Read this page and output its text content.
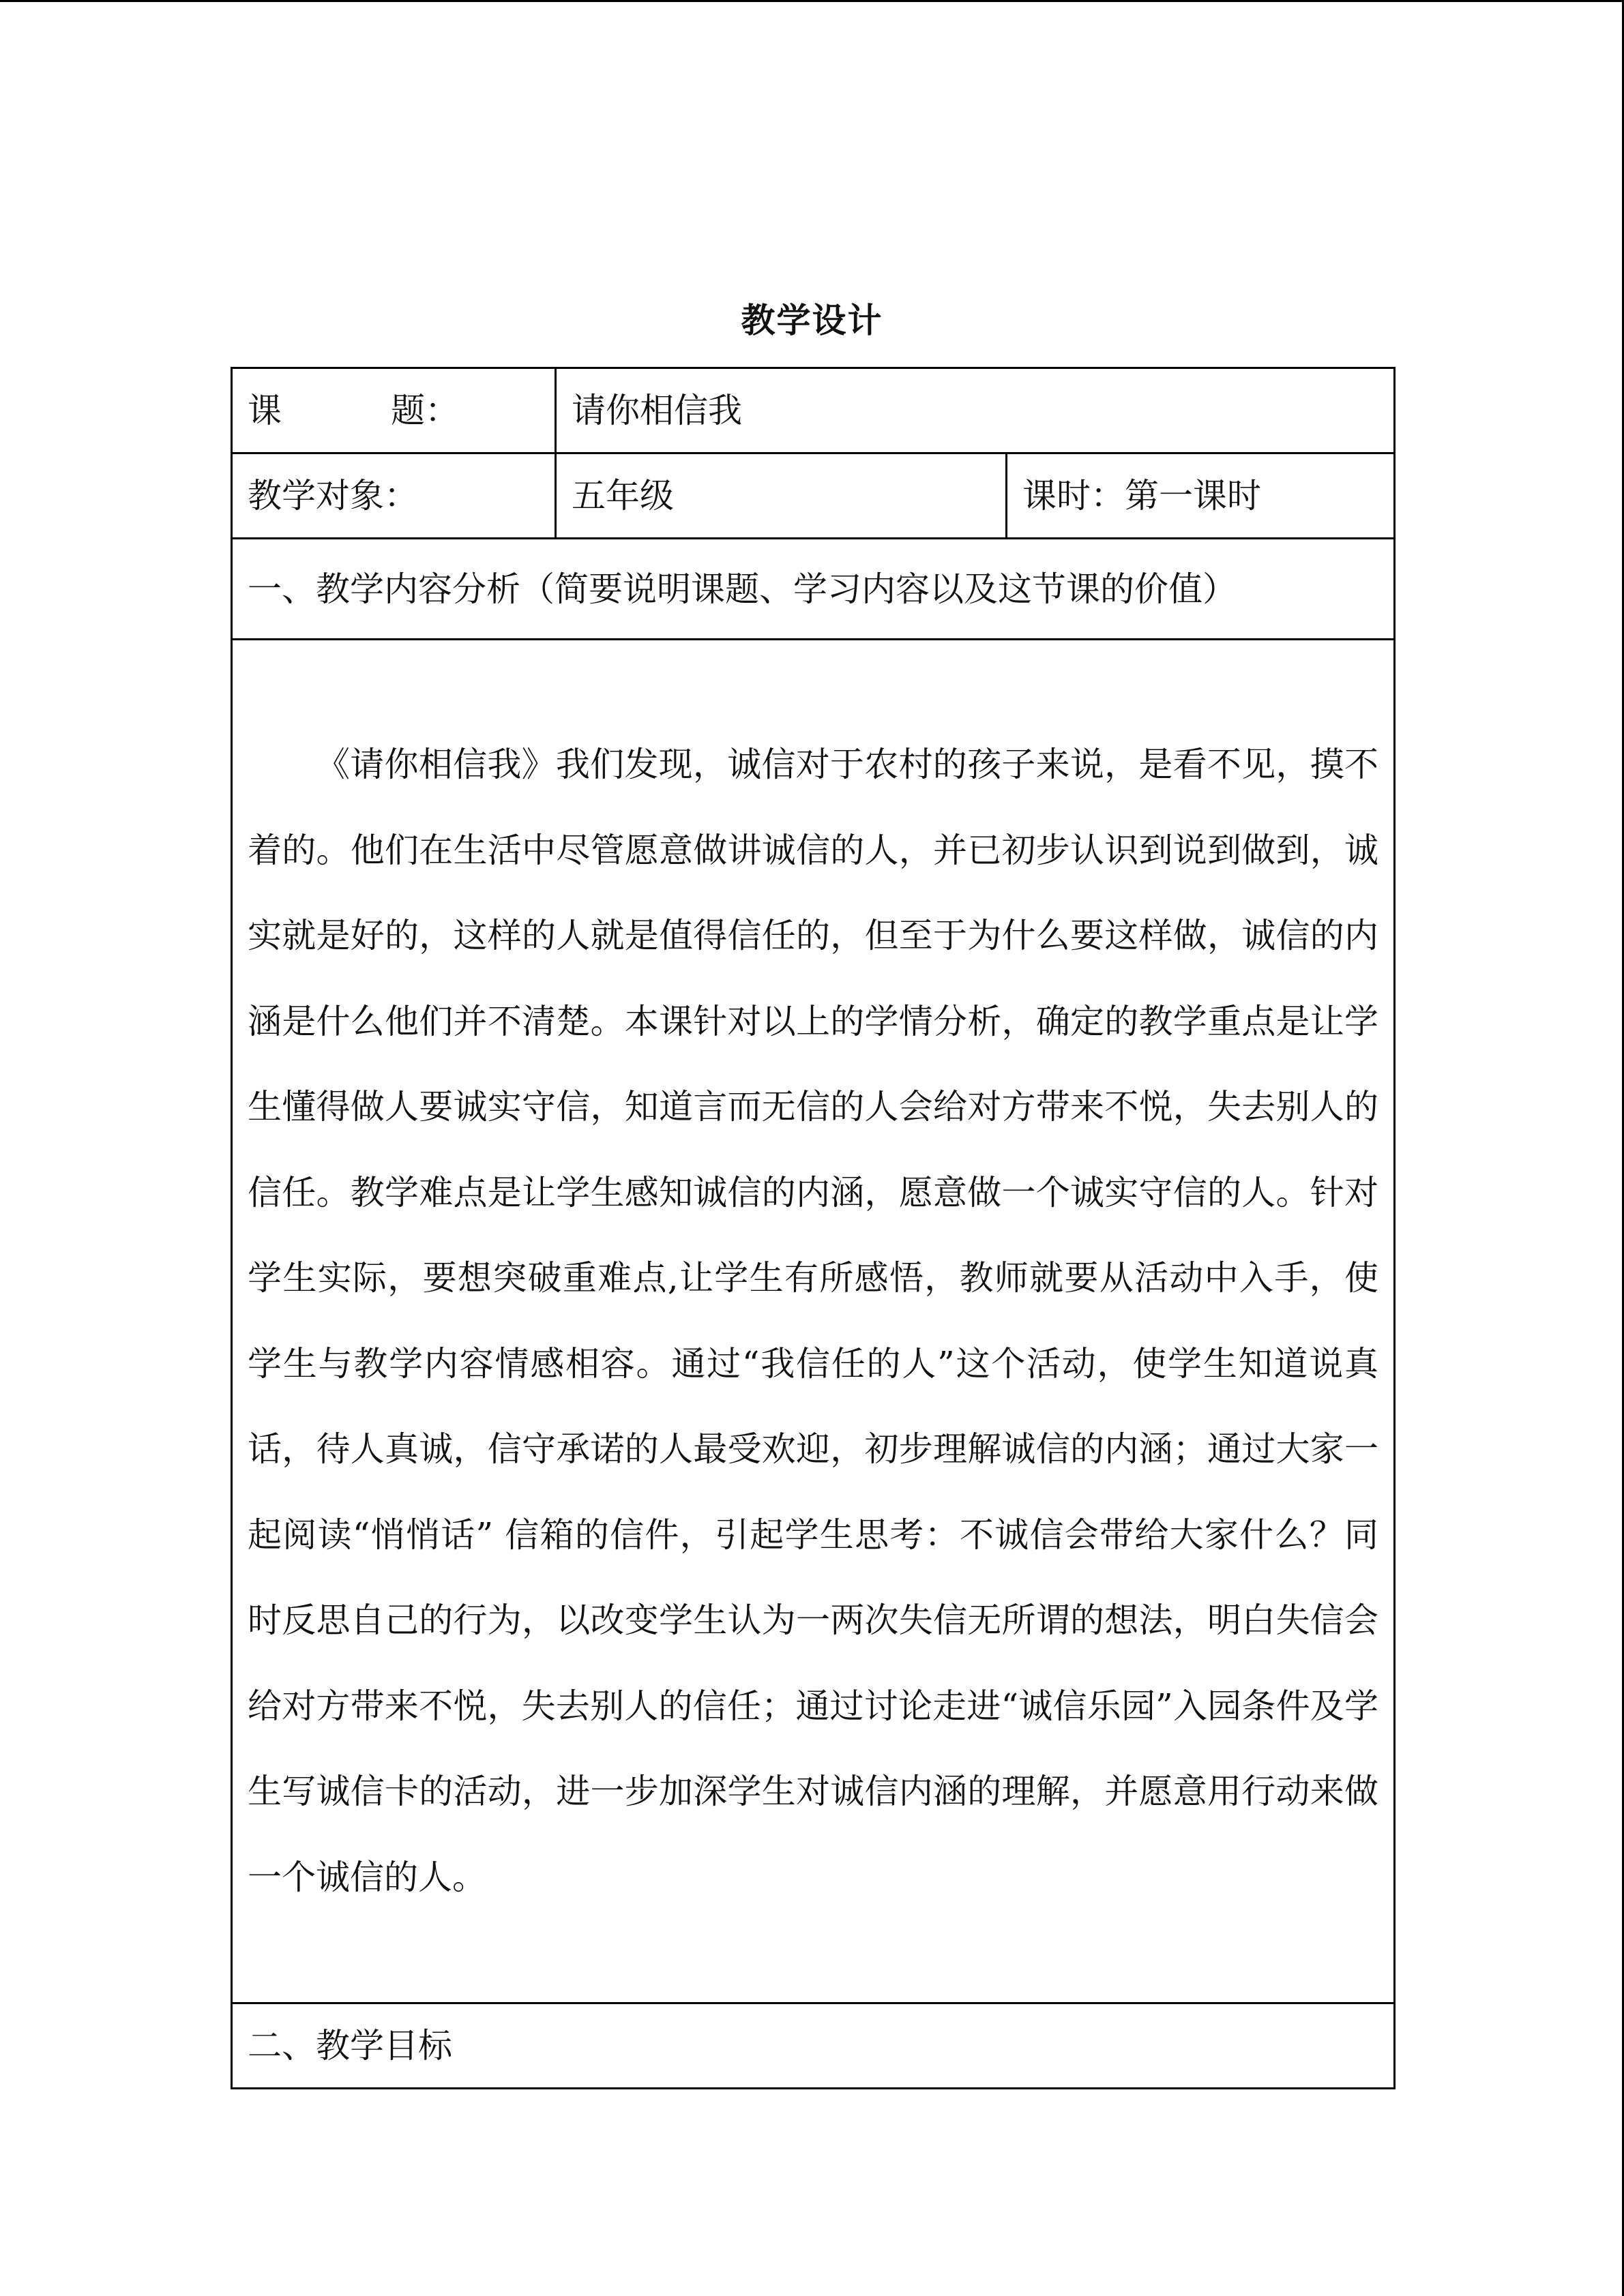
教学设计
课 题：	请你相信我	
教学对象：	五年级	课时：第一课时
一、教学内容分析（简要说明课题、学习内容以及这节课的价值）		

《请你相信我》我们发现，诚信对于农村的孩子来说，是看不见，摸不着的。他们在生活中尽管愿意做讲诚信的人，并已初步认识到说到做到，诚实就是好的，这样的人就是值得信任的，但至于为什么要这样做，诚信的内涵是什么他们并不清楚。本课针对以上的学情分析，确定的教学重点是让学生懂得做人要诚实守信，知道言而无信的人会给对方带来不悦，失去别人的信任。教学难点是让学生感知诚信的内涵，愿意做一个诚实守信的人。针对学生实际，要想突破重难点,让学生有所感悟，教师就要从活动中入手，使学生与教学内容情感相容。通过“我信任的人”这个活动，使学生知道说真话，待人真诚，信守承诺的人最受欢迎，初步理解诚信的内涵；通过大家一起阅读“悄悄话” 信箱的信件，引起学生思考：不诚信会带给大家什么？同时反思自己的行为，以改变学生认为一两次失信无所谓的想法，明白失信会给对方带来不悦，失去别人的信任；通过讨论走进“诚信乐园”入园条件及学生写诚信卡的活动，进一步加深学生对诚信内涵的理解，并愿意用行动来做一个诚信的人。		

二、教学目标		
